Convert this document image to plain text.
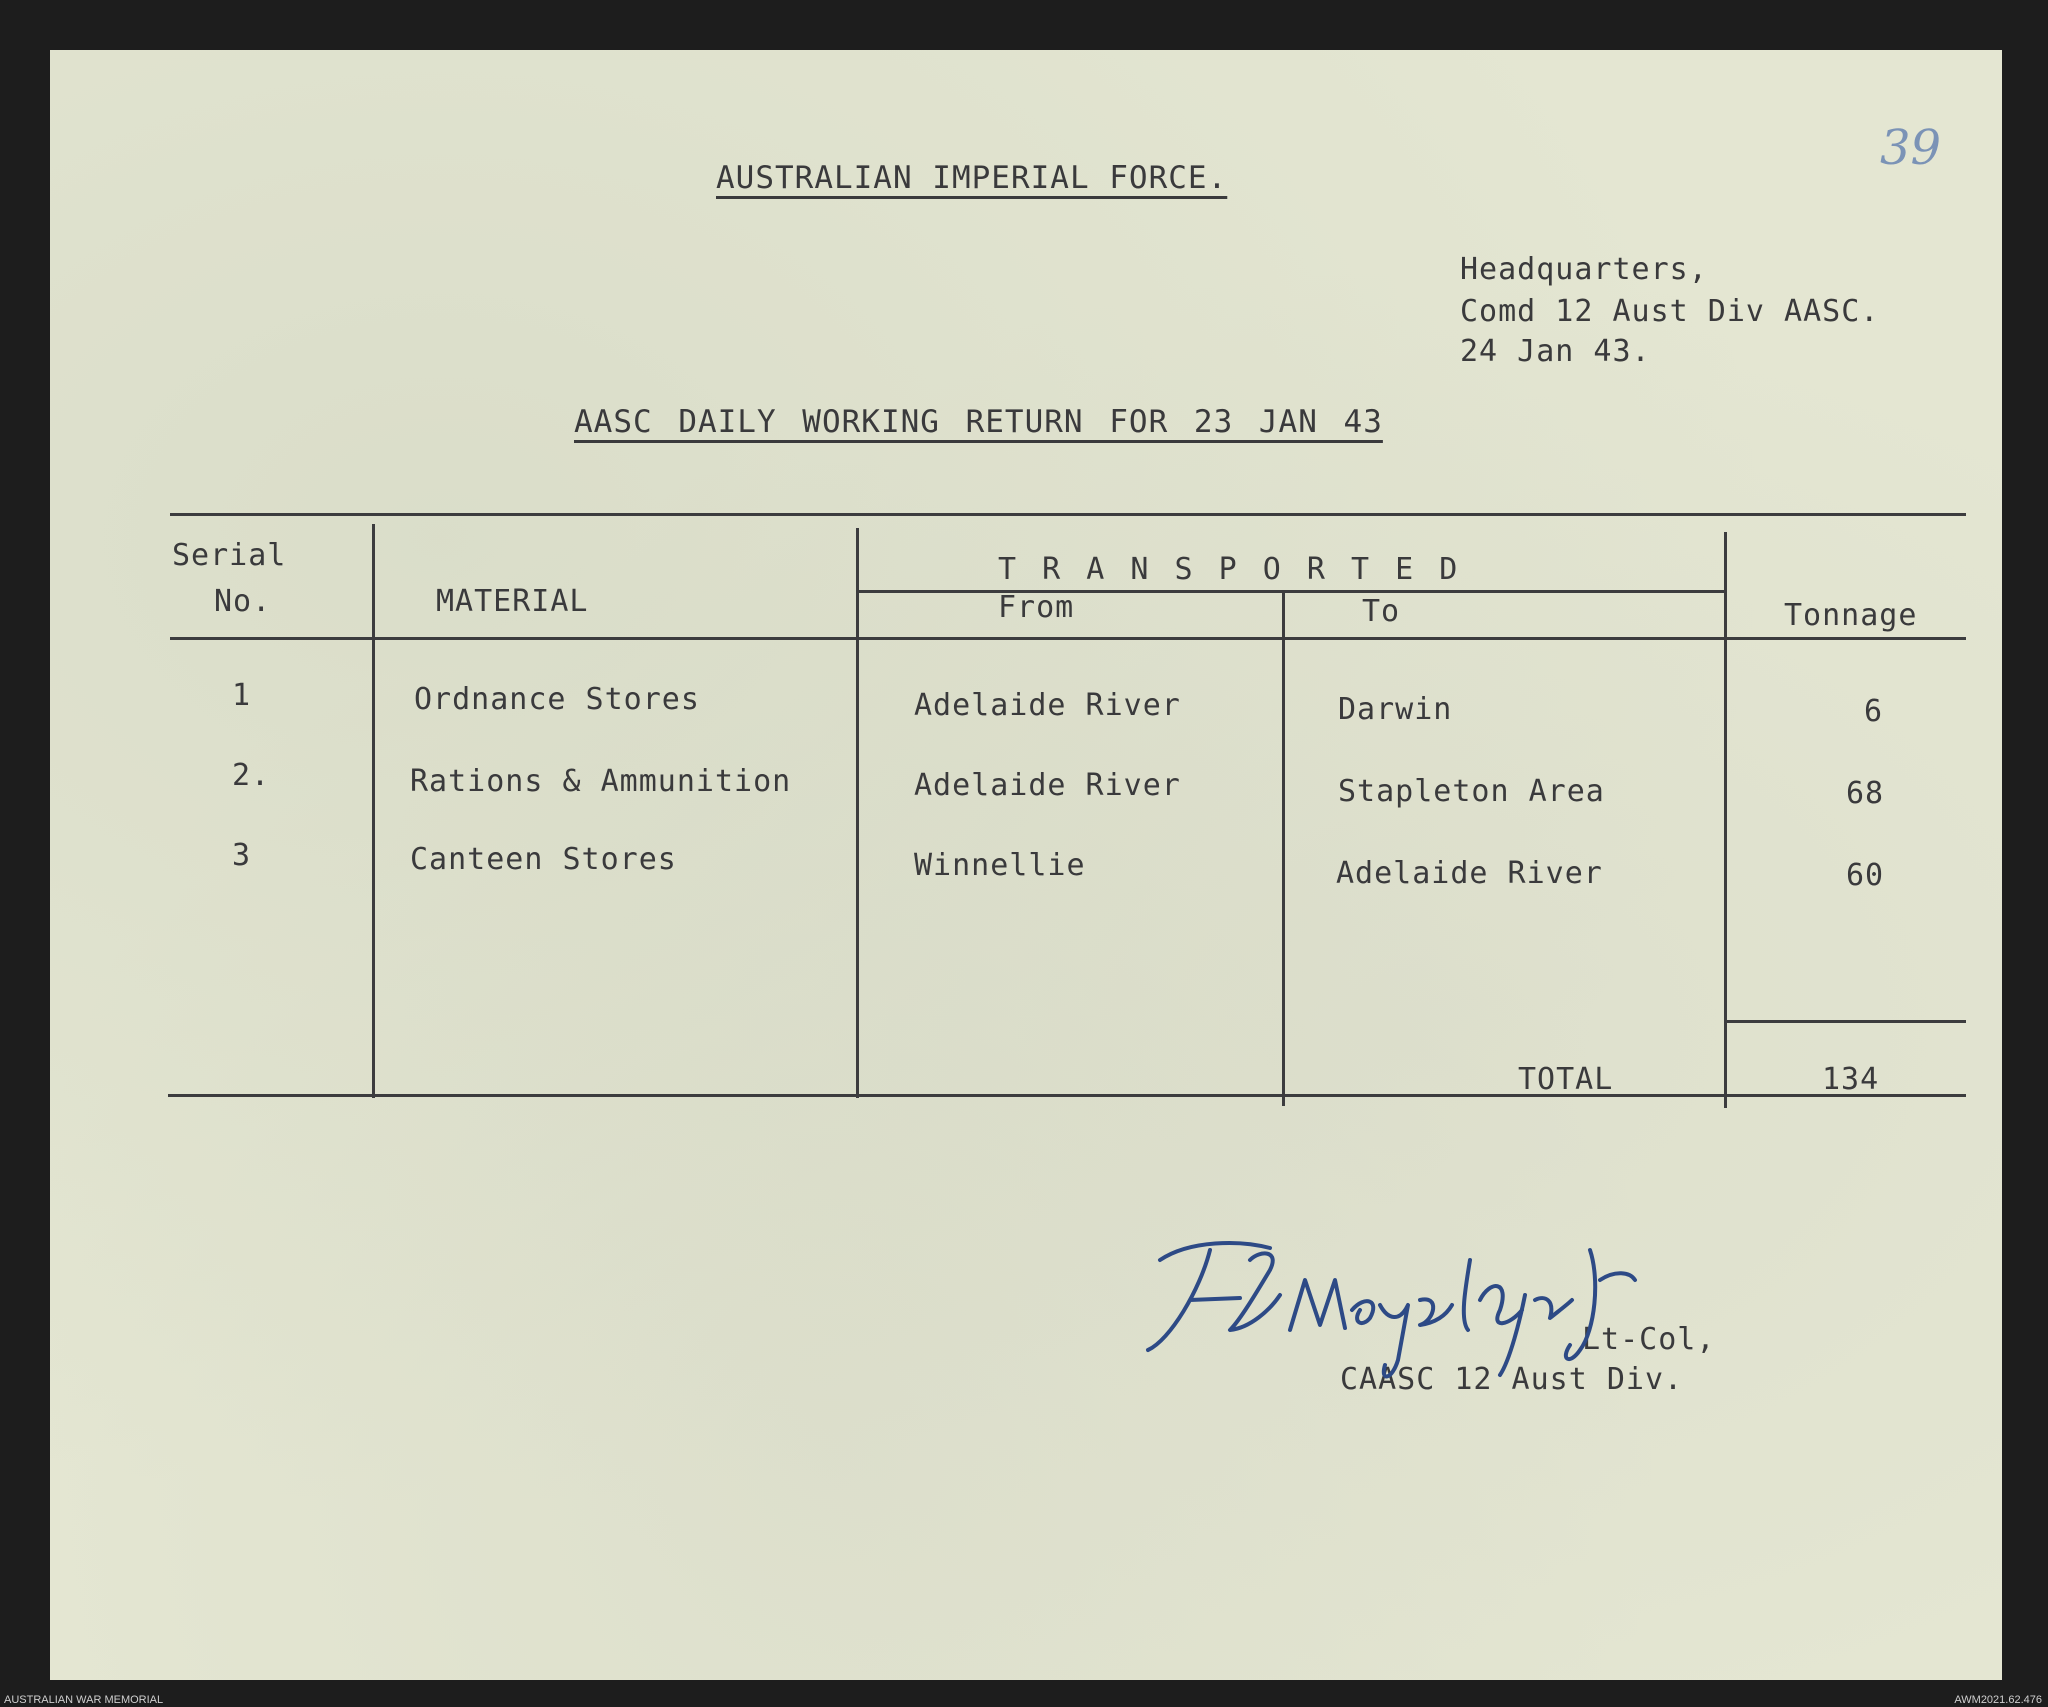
39
AUSTRALIAN IMPERIAL FORCE.
Headquarters,
Comd 12 Aust Div AASC.
24 Jan 43.
AASC DAILY WORKING RETURN FOR 23 JAN 43
Serial
No.	MATERIAL
T R A N S P O R T E D
From	To	Tonnage
1	Ordnance Stores	Adelaide River	Darwin	6
2.	Rations & Ammunition	Adelaide River	Stapleton Area	68
3	Canteen Stores	Winnellie	Adelaide River	60
TOTAL	134
Lt-Col,
CAASC 12 Aust Div.
AUSTRALIAN WAR MEMORIAL	AWM2021.62.476
